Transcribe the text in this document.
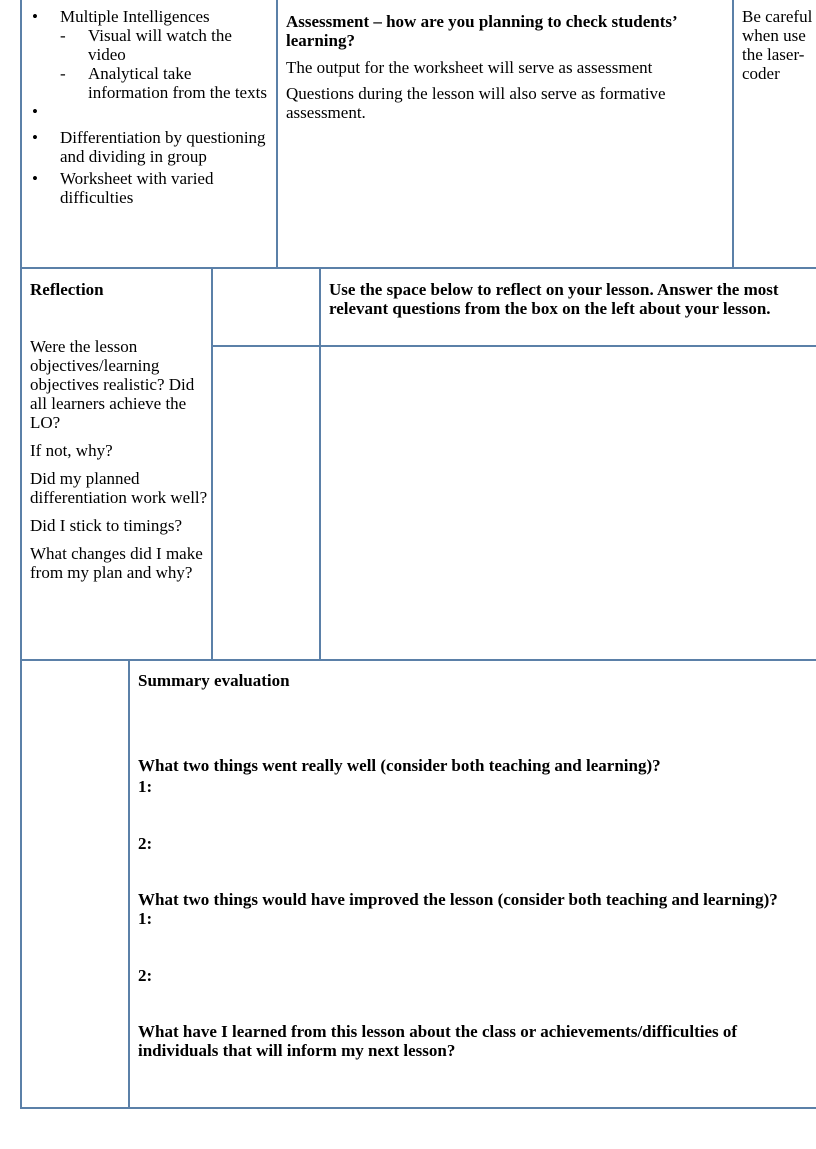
• Multiple Intelligences
- Visual will watch the video
- Analytical take information from the texts
•
• Differentiation by questioning and dividing in group
• Worksheet with varied difficulties

Assessment – how are you planning to check students’ learning?

The output for the worksheet will serve as assessment

Questions during the lesson will also serve as formative assessment.

Be careful when use the laser-coder

Reflection

Were the lesson objectives/learning objectives realistic? Did all learners achieve the LO?

If not, why?

Did my planned differentiation work well?

Did I stick to timings?

What changes did I make from my plan and why?

Use the space below to reflect on your lesson. Answer the most relevant questions from the box on the left about your lesson.

Summary evaluation

What two things went really well (consider both teaching and learning)?

1:

2:

What two things would have improved the lesson (consider both teaching and learning)?

1:

2:

What have I learned from this lesson about the class or achievements/difficulties of individuals that will inform my next lesson?
